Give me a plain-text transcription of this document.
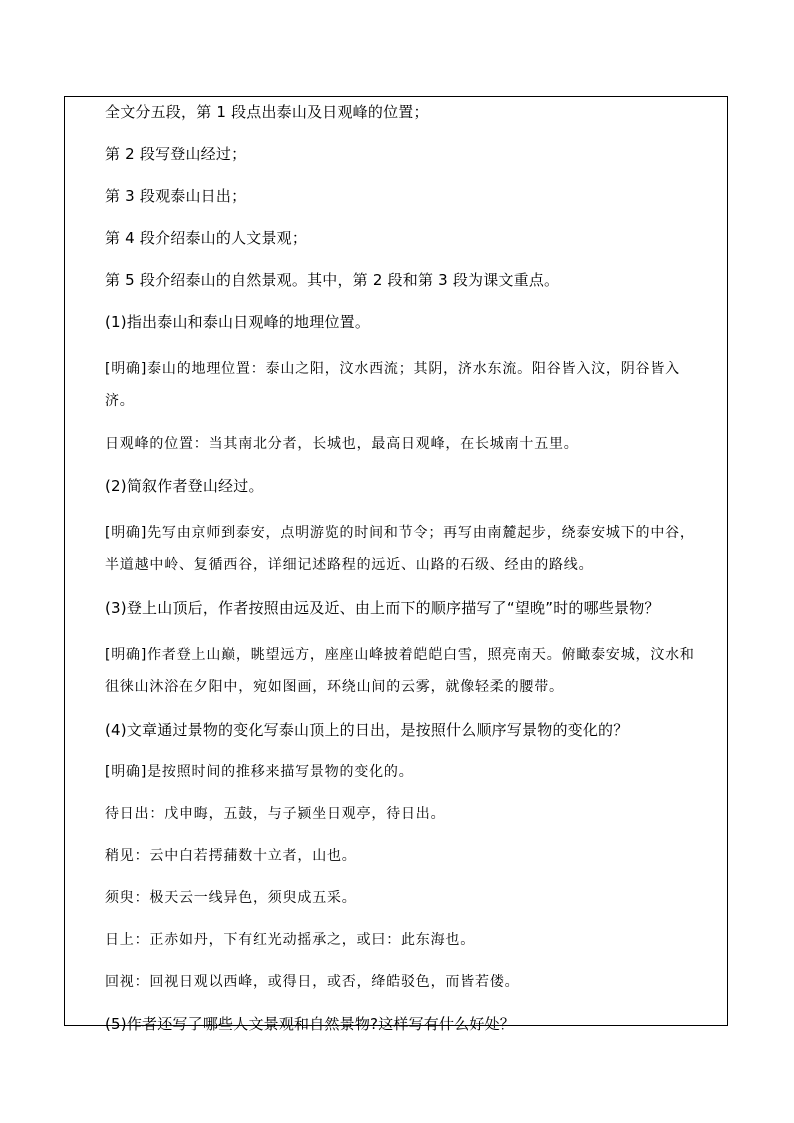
全文分五段，第 1 段点出泰山及日观峰的位置；
第 2 段写登山经过；
第 3 段观泰山日出；
第 4 段介绍泰山的人文景观；
第 5 段介绍泰山的自然景观。其中，第 2 段和第 3 段为课文重点。
(1)指出泰山和泰山日观峰的地理位置。

[明确]泰山的地理位置：泰山之阳，汶水西流；其阴，济水东流。阳谷皆入汶，阴谷皆入济。

日观峰的位置：当其南北分者，长城也，最高日观峰，在长城南十五里。
(2)简叙作者登山经过。

[明确]先写由京师到泰安，点明游览的时间和节令；再写由南麓起步，绕泰安城下的中谷，半道越中岭、复循西谷，详细记述路程的远近、山路的石级、经由的路线。

(3)登上山顶后，作者按照由远及近、由上而下的顺序描写了“望晚”时的哪些景物？

[明确]作者登上山巅，眺望远方，座座山峰披着皑皑白雪，照亮南天。俯瞰泰安城，汶水和徂徕山沐浴在夕阳中，宛如图画，环绕山间的云雾，就像轻柔的腰带。

(4)文章通过景物的变化写泰山顶上的日出，是按照什么顺序写景物的变化的？
[明确]是按照时间的推移来描写景物的变化的。
待日出：戊申晦，五鼓，与子颍坐日观亭，待日出。
稍见：云中白若摴蒱数十立者，山也。
须臾：极天云一线异色，须臾成五采。
日上：正赤如丹，下有红光动摇承之，或曰：此东海也。
回视：回视日观以西峰，或得日，或否，绛皓驳色，而皆若偻。
(5)作者还写了哪些人文景观和自然景物?这样写有什么好处？
